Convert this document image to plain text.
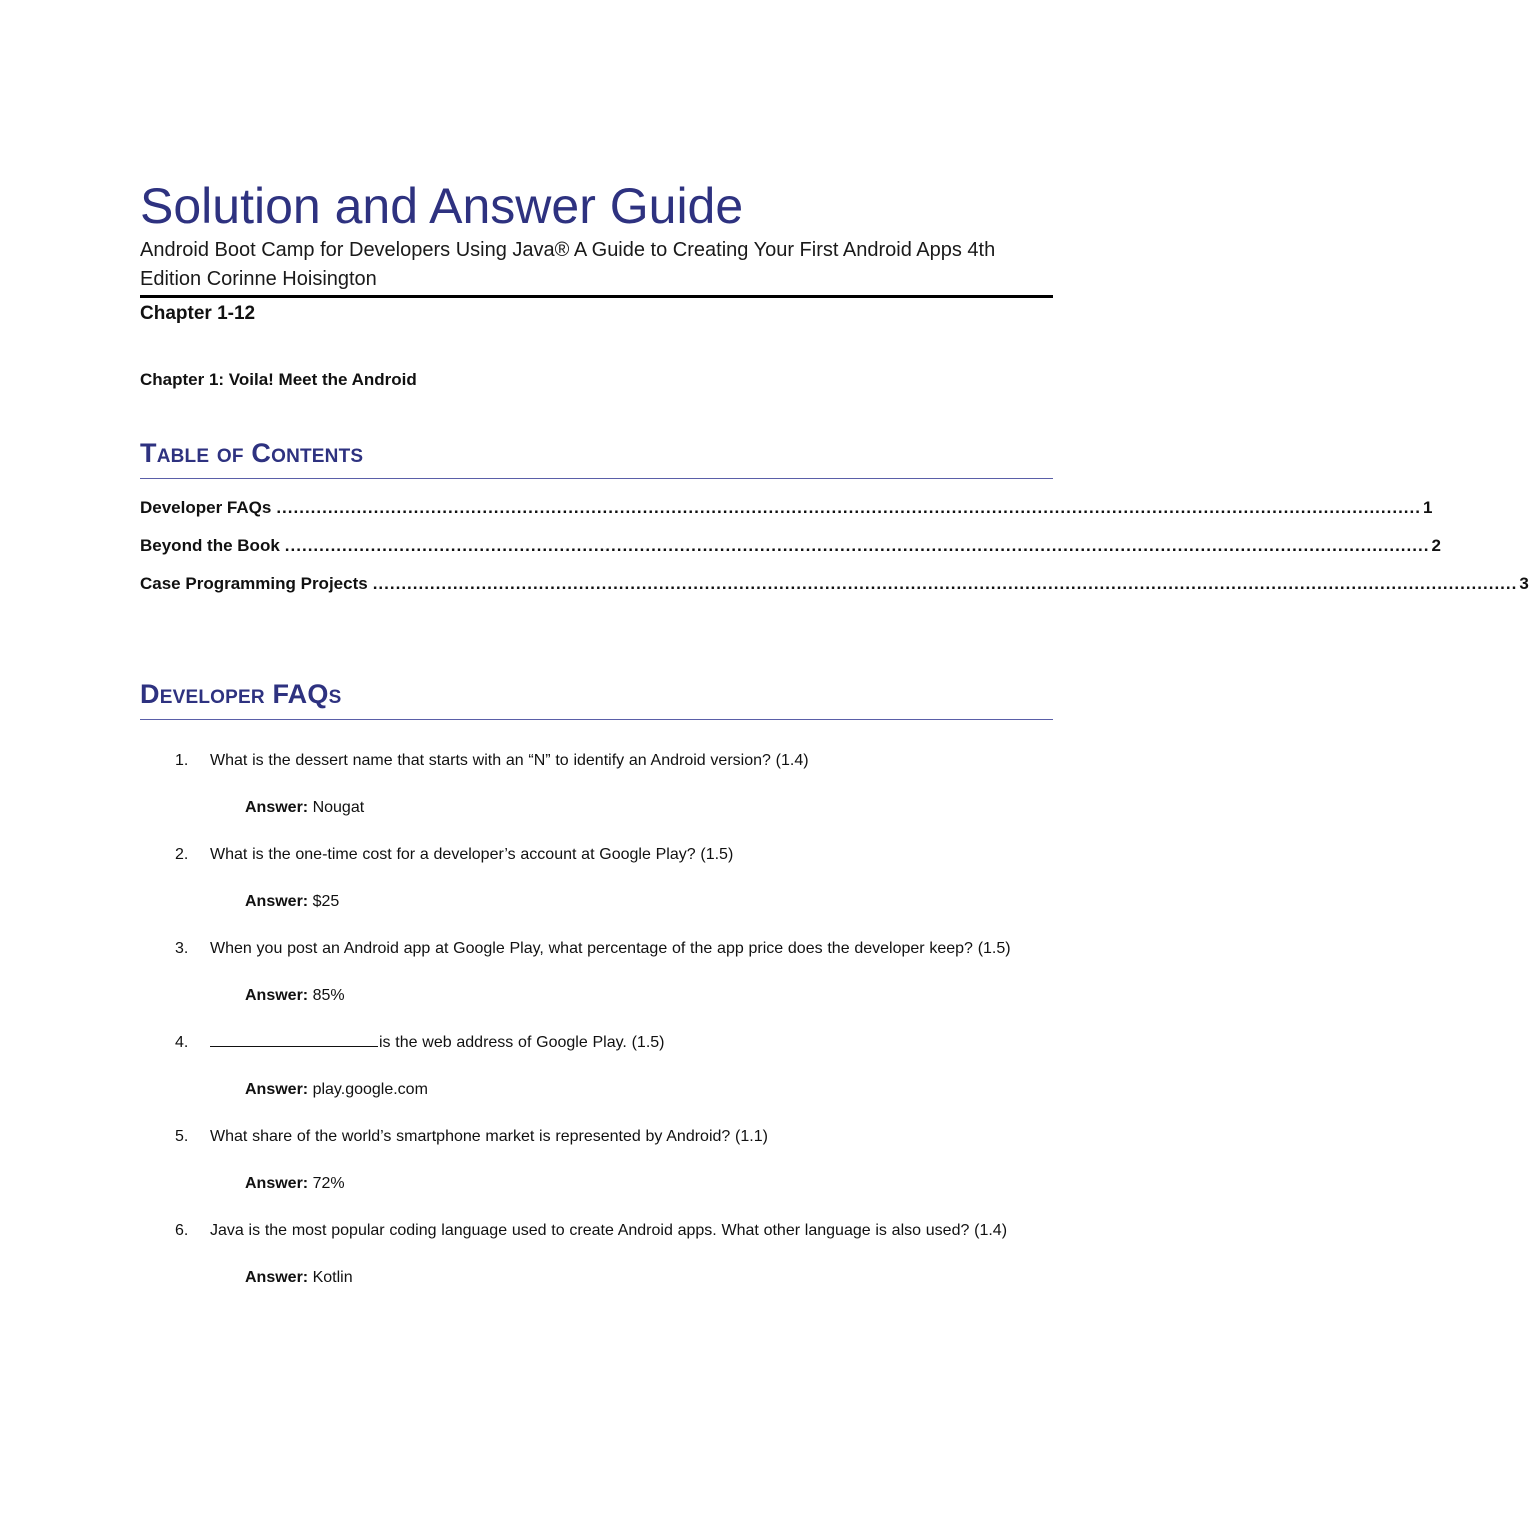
Solution and Answer Guide

Android Boot Camp for Developers Using Java® A Guide to Creating Your First Android Apps 4th Edition Corinne Hoisington

Chapter 1-12
Chapter 1: Voila! Meet the Android
Table of Contents
Developer FAQs ........................................................................................................................................................................................................ 1
Beyond the Book ........................................................................................................................................................................................................ 2
Case Programming Projects ........................................................................................................................................................................................................ 3
Developer FAQs
1.	What is the dessert name that starts with an “N” to identify an Android version? (1.4)
Answer: Nougat
2.	What is the one-time cost for a developer’s account at Google Play? (1.5)
Answer: $25
3.	When you post an Android app at Google Play, what percentage of the app price does the developer keep? (1.5)
Answer: 85%
4.	is the web address of Google Play. (1.5)
Answer: play.google.com
5.	What share of the world’s smartphone market is represented by Android? (1.1)
Answer: 72%
6.	Java is the most popular coding language used to create Android apps. What other language is also used? (1.4)
Answer: Kotlin
